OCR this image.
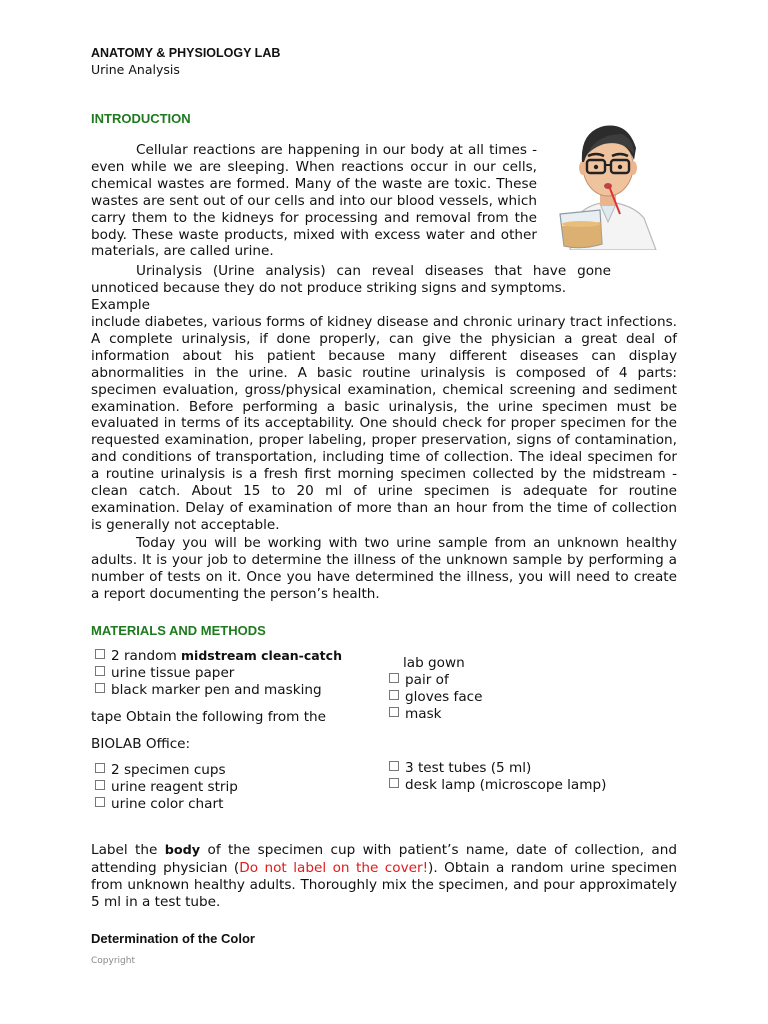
ANATOMY & PHYSIOLOGY LAB
Urine Analysis
INTRODUCTION
Cellular reactions are happening in our body at all times - even while we are sleeping. When reactions occur in our cells, chemical wastes are formed. Many of the waste are toxic. These wastes are sent out of our cells and into our blood vessels, which carry them to the kidneys for processing and removal from the body. These waste products, mixed with excess water and other materials, are called urine.
Urinalysis (Urine analysis) can reveal diseases that have gone unnoticed because they do not produce striking signs and symptoms.
Example
include diabetes, various forms of kidney disease and chronic urinary tract infections. A complete urinalysis, if done properly, can give the physician a great deal of information about his patient because many different diseases can display abnormalities in the urine. A basic routine urinalysis is composed of 4 parts: specimen evaluation, gross/physical examination, chemical screening and sediment examination. Before performing a basic urinalysis, the urine specimen must be evaluated in terms of its acceptability. One should check for proper specimen for the requested examination, proper labeling, proper preservation, signs of contamination, and conditions of transportation, including time of collection. The ideal specimen for a routine urinalysis is a fresh first morning specimen collected by the midstream - clean catch. About 15 to 20 ml of urine specimen is adequate for routine examination. Delay of examination of more than an hour from the time of collection is generally not acceptable.
Today you will be working with two urine sample from an unknown healthy adults. It is your job to determine the illness of the unknown sample by performing a number of tests on it. Once you have determined the illness, you will need to create a report documenting the person’s health.
MATERIALS AND METHODS
2 random midstream clean-catch
urine tissue paper
black marker pen and masking
tape Obtain the following from the
BIOLAB Office:
lab gown
pair of
gloves face
mask
2 specimen cups
urine reagent strip
urine color chart
3 test tubes (5 ml)
desk lamp (microscope lamp)
Label the body of the specimen cup with patient’s name, date of collection, and attending physician (Do not label on the cover!). Obtain a random urine specimen from unknown healthy adults. Thoroughly mix the specimen, and pour approximately 5 ml in a test tube.
Determination of the Color
Copyright
